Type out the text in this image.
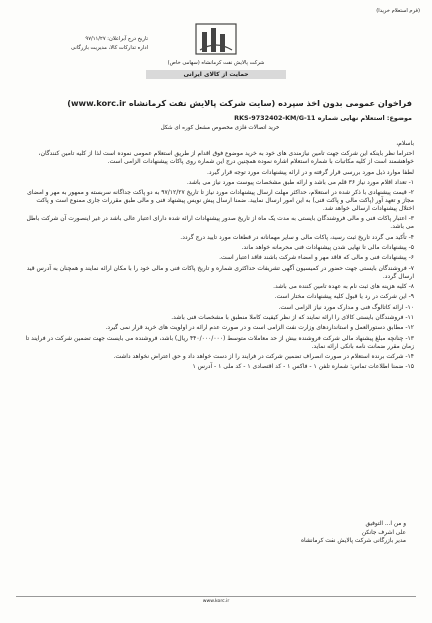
(فرم استعلام خریدا)
تاریخ درج آبراعلان: ۹۷/۱۱/۲۷
اداره تدارکات کالا، مدیریت بازرگانی
شرکت پالایش نفت کرمانشاه (سهامی خاص)
حمایت از کالای ایرانی
فراخوان عمومی بدون اخذ سپرده (سایت شرکت پالایش نفت کرمانشاه www.korc.ir)
موضوع: استعلام نهایی شماره RKS-9732402-KM/G-11
خرید اتصالات فلزی مخصوص مشعل کوره ای شکل

باسلام،

احتراما نظر باینکه این شرکت جهت تامین نیازمندی های خود به خرید موضوع فوق اقدام از طریق استعلام عمومی نموده است لذا از کلیه تامین کنندگان، خواهشمند است از کلیه مکاتبات با شماره استعلام اشاره نموده همچنین درج این شماره روی پاکات پیشنهادات الزامی است.

لطفا موارد ذیل مورد بررسی قرار گرفته و در ارائه پیشنهادات مورد توجه قرار گیرد.

۱- تعداد اقلام مورد نیاز ۳۶ قلم می باشد و ارائه طبق مشخصات پیوست مورد نیاز می باشد.

۲- قیمت پیشنهادی با ذکر شده در استعلام، حداکثر مهلت ارسال پیشنهادات مورد نیاز تا تاریخ ۹۷/۱۲/۲۷ به دو پاکت جداگانه سربسته و ممهور به مهر و امضای مجاز و تعهد آور (پاکت مالی و پاکت فنی) به این امور ارسال نمایید. ضمنا ارسال پیش نویس پیشنهاد فنی و مالی طبق مقررات جاری ممنوع است و پاکت اختلال پیشنهادات ارسالی خواهد شد.

۳- اعتبار پاکات فنی و مالی فروشندگان بایستی به مدت یک ماه از تاریخ صدور پیشنهادات ارائه شده دارای اعتبار عالی باشد در غیر اینصورت آن شرکت باطل می باشد.

۴- تأکید می گردد تاریخ ثبت رسید، پاکات مالی و سایر مهمانانه در قطعات مورد تایید درج گردد.

۵- پیشنهادات مالی تا نهایی شدن پیشنهادات فنی محرمانه خواهد ماند.

۶- پیشنهادات فنی و مالی که فاقد مهر و امضاء شرکت باشند فاقد اعتبار است.

۷- فروشندگان بایستی جهت حضور در کمیسیون آگهی تشریفات حداکثری شماره و تاریخ پاکات فنی و مالی خود را با مکان ارائه نمایند و همچنان به آدرس قید ارسال گردد.

۸- کلیه هزینه های ثبت نام به عهده تامین کننده می باشد.

۹- این شرکت در رد یا قبول کلیه پیشنهادات مختار است.

۱۰- ارائه کاتالوگ فنی و مدارک مورد نیاز الزامی است.

۱۱- فروشندگان بایستی کالای را ارائه نمایند که از نظر کیفیت کاملا منطبق با مشخصات فنی باشد.

۱۲- مطابق دستورالعمل و استانداردهای وزارت نفت الزامی است و در صورت عدم ارائه در اولویت های خرید قرار نمی گیرد.

۱۳- چنانچه مبلغ پیشنهاد مالی شرکت فروشنده بیش از حد معاملات متوسط (۴۴۰/۰۰۰/۰۰۰ ریال) باشد، فروشنده می بایست جهت تضمین شرکت در فرایند تا زمان مقرر ضمانت نامه بانکی ارائه نماید.

۱۴- شرکت برنده استعلام در صورت انصراف تضمین شرکت در فرایند را از دست خواهد داد و حق اعتراض نخواهد داشت.

۱۵- ضمنا اطلاعات تماس: شماره تلفن ۱ - فاکس ۱ - کد اقتصادی ۱ - کد ملی ۱ - آدرس ۱

و من ا... التوفیق
علی اشرف جانکن
مدیر بازرگانی شرکت پالایش نفت کرمانشاه
www.korc.ir
